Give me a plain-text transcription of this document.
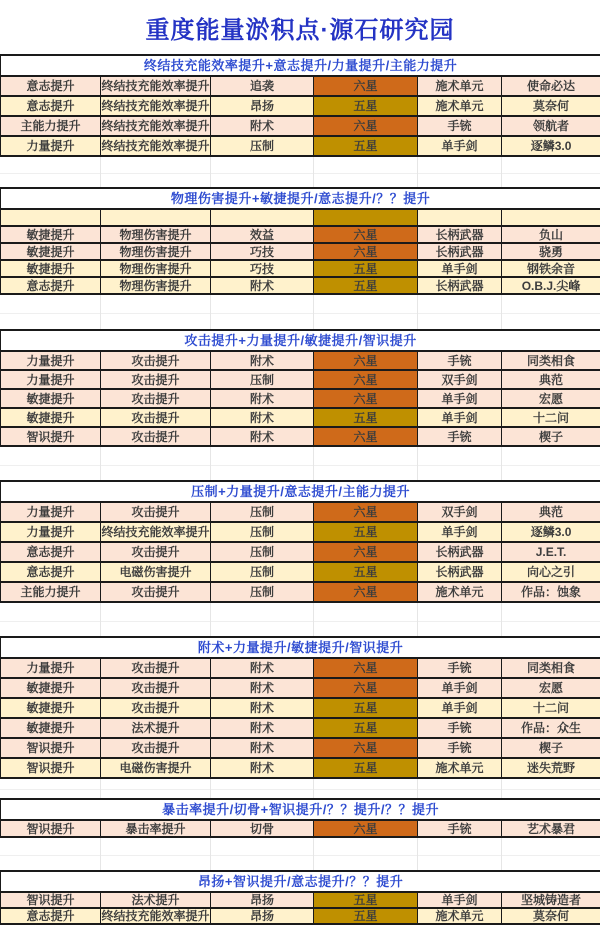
重度能量淤积点·源石研究园
终结技充能效率提升+意志提升/力量提升/主能力提升					
意志提升	终结技充能效率提升	追袭	六星	施术单元	使命必达
意志提升	终结技充能效率提升	昂扬	五星	施术单元	莫奈何
主能力提升	终结技充能效率提升	附术	六星	手铳	领航者
力量提升	终结技充能效率提升	压制	五星	单手剑	逐鳞3.0
物理伤害提升+敏捷提升/意志提升/？？提升					

敏捷提升	物理伤害提升	效益	六星	长柄武器	负山
敏捷提升	物理伤害提升	巧技	六星	长柄武器	骁勇
敏捷提升	物理伤害提升	巧技	五星	单手剑	钢铁余音
意志提升	物理伤害提升	附术	五星	长柄武器	O.B.J.尖峰
攻击提升+力量提升/敏捷提升/智识提升					
力量提升	攻击提升	附术	六星	手铳	同类相食
力量提升	攻击提升	压制	六星	双手剑	典范
敏捷提升	攻击提升	附术	六星	单手剑	宏愿
敏捷提升	攻击提升	附术	五星	单手剑	十二问
智识提升	攻击提升	附术	六星	手铳	楔子
压制+力量提升/意志提升/主能力提升					
力量提升	攻击提升	压制	六星	双手剑	典范
力量提升	终结技充能效率提升	压制	五星	单手剑	逐鳞3.0
意志提升	攻击提升	压制	六星	长柄武器	J.E.T.
意志提升	电磁伤害提升	压制	五星	长柄武器	向心之引
主能力提升	攻击提升	压制	六星	施术单元	作品：蚀象
附术+力量提升/敏捷提升/智识提升					
力量提升	攻击提升	附术	六星	手铳	同类相食
敏捷提升	攻击提升	附术	六星	单手剑	宏愿
敏捷提升	攻击提升	附术	五星	单手剑	十二问
敏捷提升	法术提升	附术	五星	手铳	作品：众生
智识提升	攻击提升	附术	六星	手铳	楔子
智识提升	电磁伤害提升	附术	五星	施术单元	迷失荒野
暴击率提升/切骨+智识提升/？？提升/？？提升
智识提升	暴击率提升	切骨	六星	手铳	艺术暴君
昂扬+智识提升/意志提升/？？提升					
智识提升	法术提升	昂扬	五星	单手剑	坚城铸造者
意志提升	终结技充能效率提升	昂扬	五星	施术单元	莫奈何
